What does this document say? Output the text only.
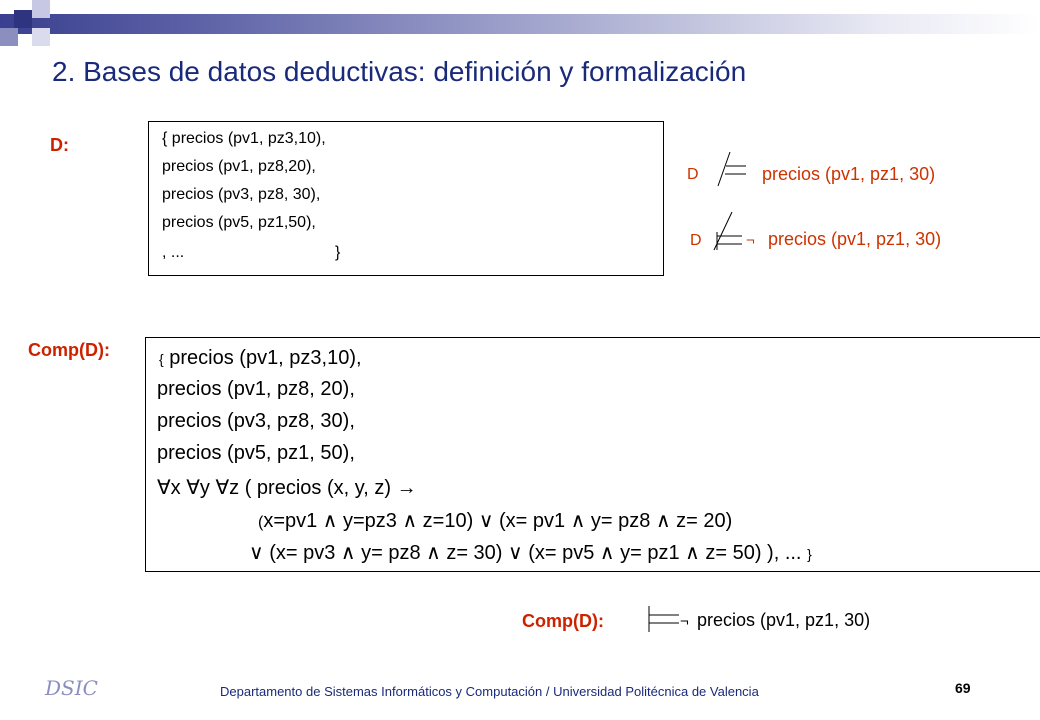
2. Bases de datos deductivas: definición y formalización
D:	{ precios (pv1, pz3,10),
precios (pv1, pz8,20),
precios (pv3, pz8, 30),
precios (pv5, pz1,50),
, ...	}
D	precios (pv1, pz1, 30)
D	¬ precios (pv1, pz1, 30)
Comp(D):	{ precios (pv1, pz3,10),
precios (pv1, pz8, 20),
precios (pv3, pz8, 30),
precios (pv5, pz1, 50),
∀x ∀y ∀z ( precios (x, y, z) →
(x=pv1 ∧ y=pz3 ∧ z=10) ∨ (x= pv1 ∧ y= pz8 ∧ z= 20)
∨ (x= pv3 ∧ y= pz8 ∧ z= 30) ∨ (x= pv5 ∧ y= pz1 ∧ z= 50) ), ... }
Comp(D):	¬ precios (pv1, pz1, 30)
DSIC	Departamento de Sistemas Informáticos y Computación / Universidad Politécnica de Valencia	69
